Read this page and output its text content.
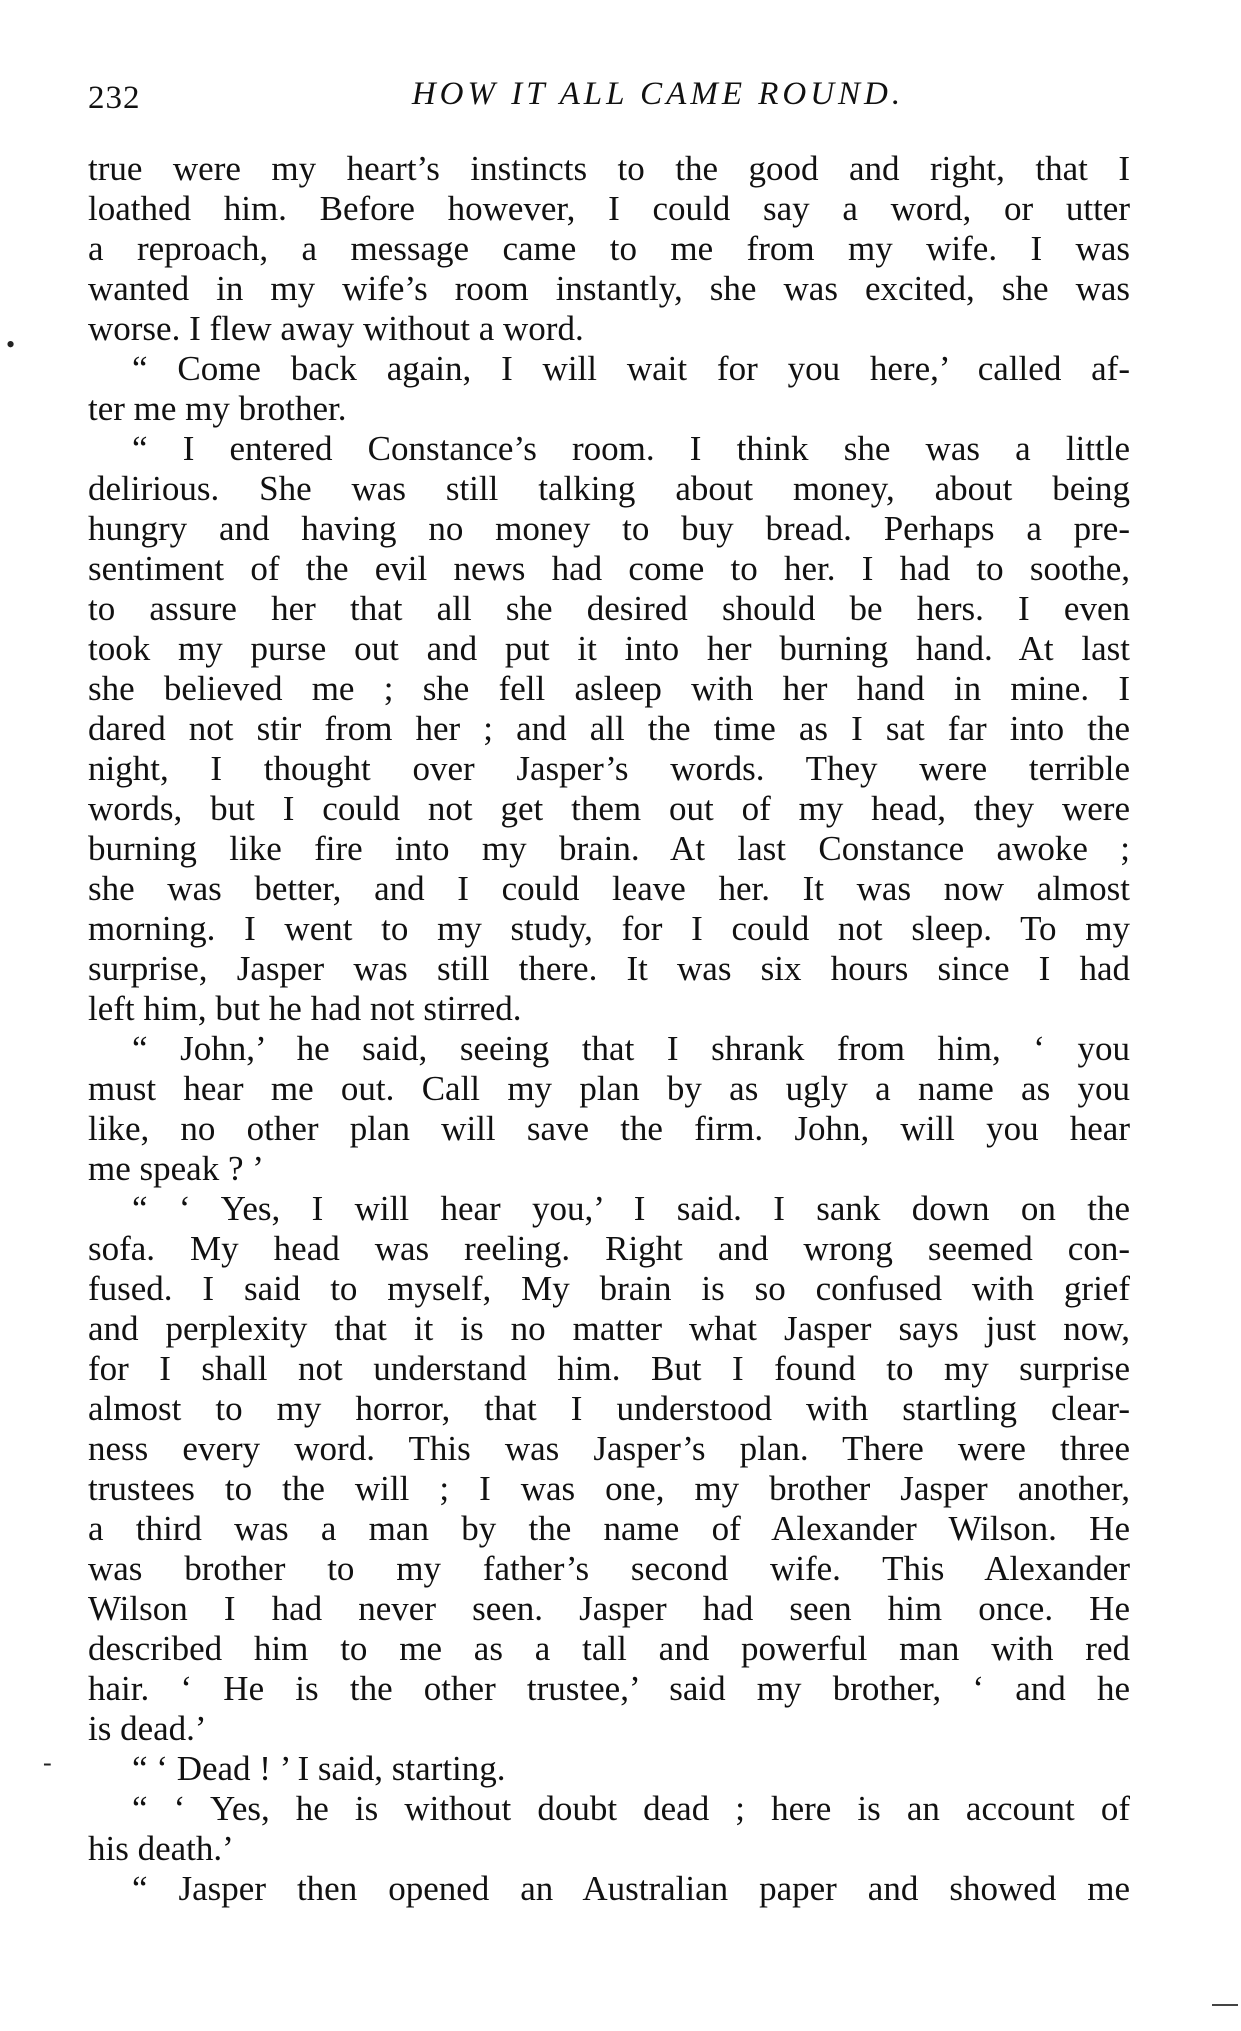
232	HOW IT ALL CAME ROUND.
true were my heart’s instincts to the good and right, that I
loathed him. Before however, I could say a word, or utter
a reproach, a message came to me from my wife. I was
wanted in my wife’s room instantly, she was excited, she was
worse. I flew away without a word.
“ Come back again, I will wait for you here,’ called af-
ter me my brother.
“ I entered Constance’s room. I think she was a little
delirious. She was still talking about money, about being
hungry and having no money to buy bread. Perhaps a pre-
sentiment of the evil news had come to her. I had to soothe,
to assure her that all she desired should be hers. I even
took my purse out and put it into her burning hand. At last
she believed me ; she fell asleep with her hand in mine. I
dared not stir from her ; and all the time as I sat far into the
night, I thought over Jasper’s words. They were terrible
words, but I could not get them out of my head, they were
burning like fire into my brain. At last Constance awoke ;
she was better, and I could leave her. It was now almost
morning. I went to my study, for I could not sleep. To my
surprise, Jasper was still there. It was six hours since I had
left him, but he had not stirred.
“ John,’ he said, seeing that I shrank from him, ‘ you
must hear me out. Call my plan by as ugly a name as you
like, no other plan will save the firm. John, will you hear
me speak ? ’
“ ‘ Yes, I will hear you,’ I said. I sank down on the
sofa. My head was reeling. Right and wrong seemed con-
fused. I said to myself, My brain is so confused with grief
and perplexity that it is no matter what Jasper says just now,
for I shall not understand him. But I found to my surprise
almost to my horror, that I understood with startling clear-
ness every word. This was Jasper’s plan. There were three
trustees to the will ; I was one, my brother Jasper another,
a third was a man by the name of Alexander Wilson. He
was brother to my father’s second wife. This Alexander
Wilson I had never seen. Jasper had seen him once. He
described him to me as a tall and powerful man with red
hair. ‘ He is the other trustee,’ said my brother, ‘ and he
is dead.’
“ ‘ Dead ! ’ I said, starting.
“ ‘ Yes, he is without doubt dead ; here is an account of
his death.’
“ Jasper then opened an Australian paper and showed me
•
-
